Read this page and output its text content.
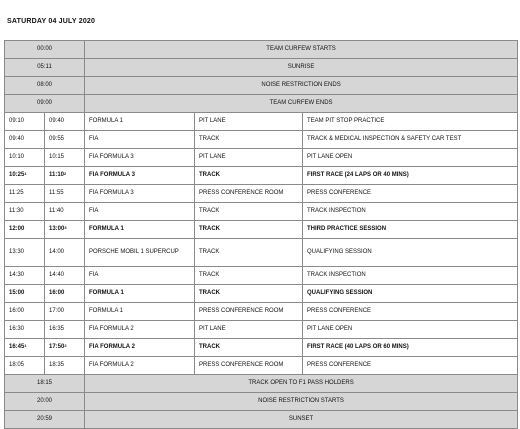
SATURDAY 04 JULY 2020
00:00		TEAM CURFEW STARTS		
05:11		SUNRISE		
08:00		NOISE RESTRICTION ENDS		
09:00		TEAM CURFEW ENDS		
09:10	09:40	FORMULA 1	PIT LANE	TEAM PIT STOP PRACTICE
09:40	09:55	FIA	TRACK	TRACK & MEDICAL INSPECTION & SAFETY CAR TEST
10:10	10:15	FIA FORMULA 3	PIT LANE	PIT LANE OPEN
$10:25^1$	$11:10^2$	FIA FORMULA 3	TRACK	FIRST RACE (24 LAPS OR 40 MINS)
11:25	11:55	FIA FORMULA 3	PRESS CONFERENCE ROOM	PRESS CONFERENCE
11:30	11:40	FIA	TRACK	TRACK INSPECTION
12:00	$13:00^3$	FORMULA 1	TRACK	THIRD PRACTICE SESSION
13:30	14:00	PORSCHE MOBIL 1 SUPERCUP	TRACK	QUALIFYING SESSION
14:30	14:40	FIA	TRACK	TRACK INSPECTION
15:00	16:00	FORMULA 1	TRACK	QUALIFYING SESSION
16:00	17:00	FORMULA 1	PRESS CONFERENCE ROOM	PRESS CONFERENCE
16:30	16:35	FIA FORMULA 2	PIT LANE	PIT LANE OPEN
$16:45^1$	$17:50^2$	FIA FORMULA 2	TRACK	FIRST RACE (40 LAPS OR 60 MINS)
18:05	18:35	FIA FORMULA 2	PRESS CONFERENCE ROOM	PRESS CONFERENCE
18:15		TRACK OPEN TO F1 PASS HOLDERS		
20:00		NOISE RESTRICTION STARTS		
20:59		SUNSET		
